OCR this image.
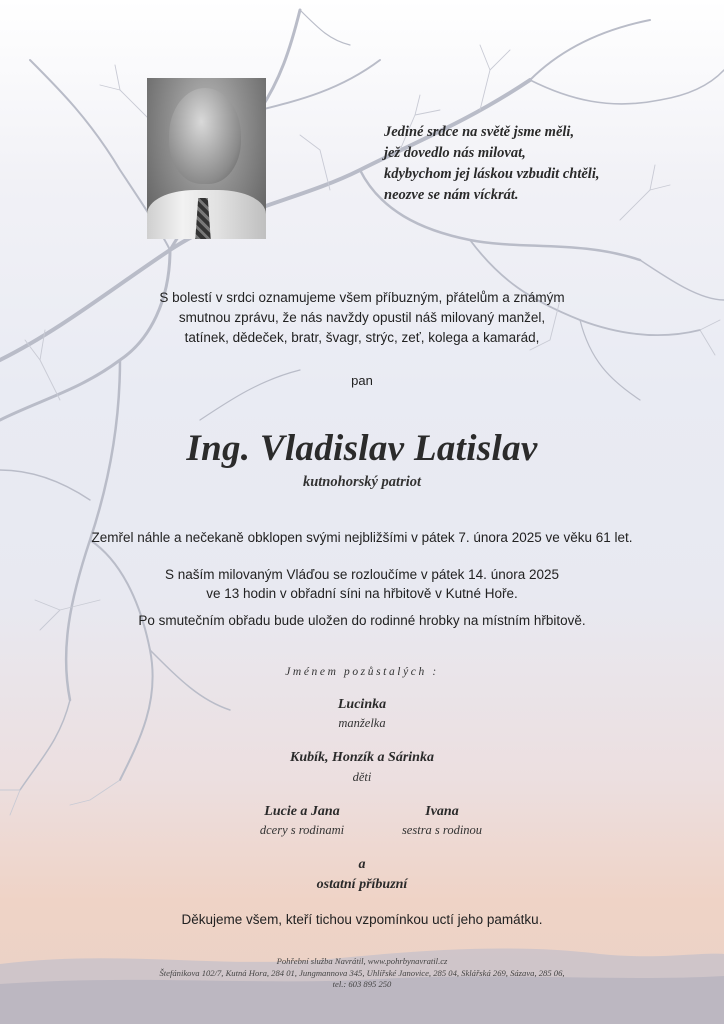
Jediné srdce na světě jsme měli,
jež dovedlo nás milovat,
kdybychom jej láskou vzbudit chtěli,
neozve se nám víckrát.
S bolestí v srdci oznamujeme všem příbuzným, přátelům a známým
smutnou zprávu, že nás navždy opustil náš milovaný manžel,
tatínek, dědeček, bratr, švagr, strýc, zeť, kolega a kamarád,
pan
Ing. Vladislav Latislav
kutnohorský patriot
Zemřel náhle a nečekaně obklopen svými nejbližšími v pátek 7. února 2025 ve věku 61 let.
S naším milovaným Vláďou se rozloučíme v pátek 14. února 2025
ve 13 hodin v obřadní síni na hřbitově v Kutné Hoře.
Po smutečním obřadu bude uložen do rodinné hrobky na místním hřbitově.
Jménem pozůstalých :
Lucinka
manželka
Kubík, Honzík a Sárinka
děti
Lucie a Jana
dcery s rodinami
Ivana
sestra s rodinou
a
ostatní příbuzní
Děkujeme všem, kteří tichou vzpomínkou uctí jeho památku.
Pohřební služba Navrátil, www.pohrbynavratil.cz
Štefánikova 102/7, Kutná Hora, 284 01, Jungmannova 345, Uhlířské Janovice, 285 04, Sklářská 269, Sázava, 285 06,
tel.: 603 895 250
